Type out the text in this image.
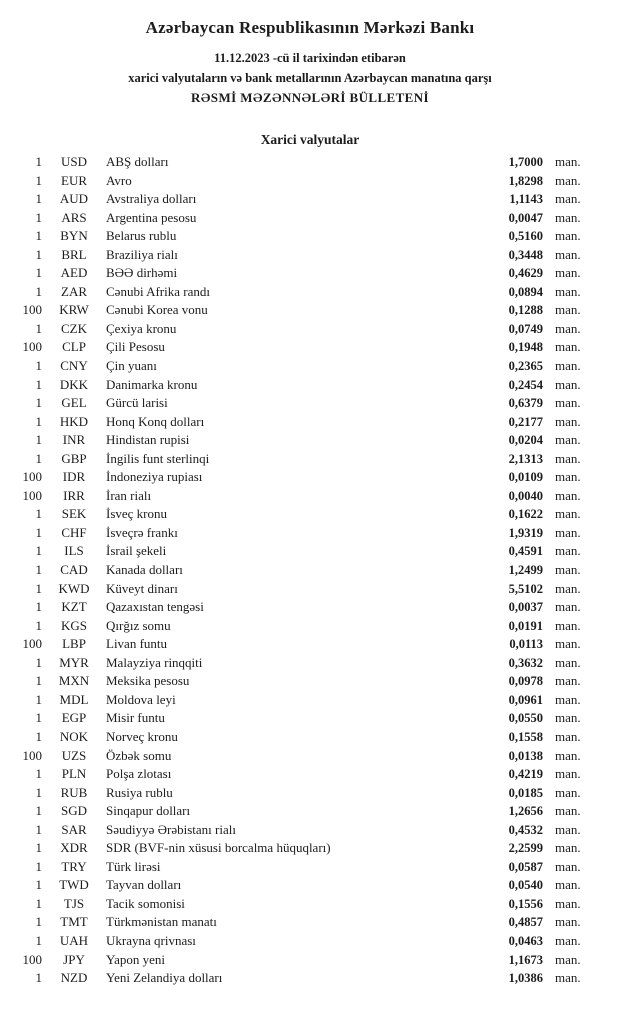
Azərbaycan Respublikasının Mərkəzi Bankı
11.12.2023 -cü il tarixindən etibarən
xarici valyutaların və bank metallarının Azərbaycan manatına qarşı
RƏSMİ MƏZƏNNƏLƏRİ BÜLLETENİ
Xarici valyutalar
1	USD	ABŞ dolları	1,7000 man.
1	EUR	Avro	1,8298 man.
1	AUD	Avstraliya dolları	1,1143 man.
1	ARS	Argentina pesosu	0,0047 man.
1	BYN	Belarus rublu	0,5160 man.
1	BRL	Braziliya rialı	0,3448 man.
1	AED	BƏƏ dirhəmi	0,4629 man.
1	ZAR	Cənubi Afrika randı	0,0894 man.
100	KRW	Cənubi Korea vonu	0,1288 man.
1	CZK	Çexiya kronu	0,0749 man.
100	CLP	Çili Pesosu	0,1948 man.
1	CNY	Çin yuanı	0,2365 man.
1	DKK	Danimarka kronu	0,2454 man.
1	GEL	Gürcü larisi	0,6379 man.
1	HKD	Honq Konq dolları	0,2177 man.
1	INR	Hindistan rupisi	0,0204 man.
1	GBP	İngilis funt sterlinqi	2,1313 man.
100	IDR	İndoneziya rupiası	0,0109 man.
100	IRR	İran rialı	0,0040 man.
1	SEK	İsveç kronu	0,1622 man.
1	CHF	İsveçrə frankı	1,9319 man.
1	ILS	İsrail şekeli	0,4591 man.
1	CAD	Kanada dolları	1,2499 man.
1	KWD	Küveyt dinarı	5,5102 man.
1	KZT	Qazaxıstan tengəsi	0,0037 man.
1	KGS	Qırğız somu	0,0191 man.
100	LBP	Livan funtu	0,0113 man.
1	MYR	Malayziya rinqqiti	0,3632 man.
1	MXN	Meksika pesosu	0,0978 man.
1	MDL	Moldova leyi	0,0961 man.
1	EGP	Misir funtu	0,0550 man.
1	NOK	Norveç kronu	0,1558 man.
100	UZS	Özbək somu	0,0138 man.
1	PLN	Polşa zlotası	0,4219 man.
1	RUB	Rusiya rublu	0,0185 man.
1	SGD	Sinqapur dolları	1,2656 man.
1	SAR	Səudiyyə Ərəbistanı rialı	0,4532 man.
1	XDR	SDR (BVF-nin xüsusi borcalma hüquqları)	2,2599 man.
1	TRY	Türk lirəsi	0,0587 man.
1	TWD	Tayvan dolları	0,0540 man.
1	TJS	Tacik somonisi	0,1556 man.
1	TMT	Türkmənistan manatı	0,4857 man.
1	UAH	Ukrayna qrivnası	0,0463 man.
100	JPY	Yapon yeni	1,1673 man.
1	NZD	Yeni Zelandiya dolları	1,0386 man.
